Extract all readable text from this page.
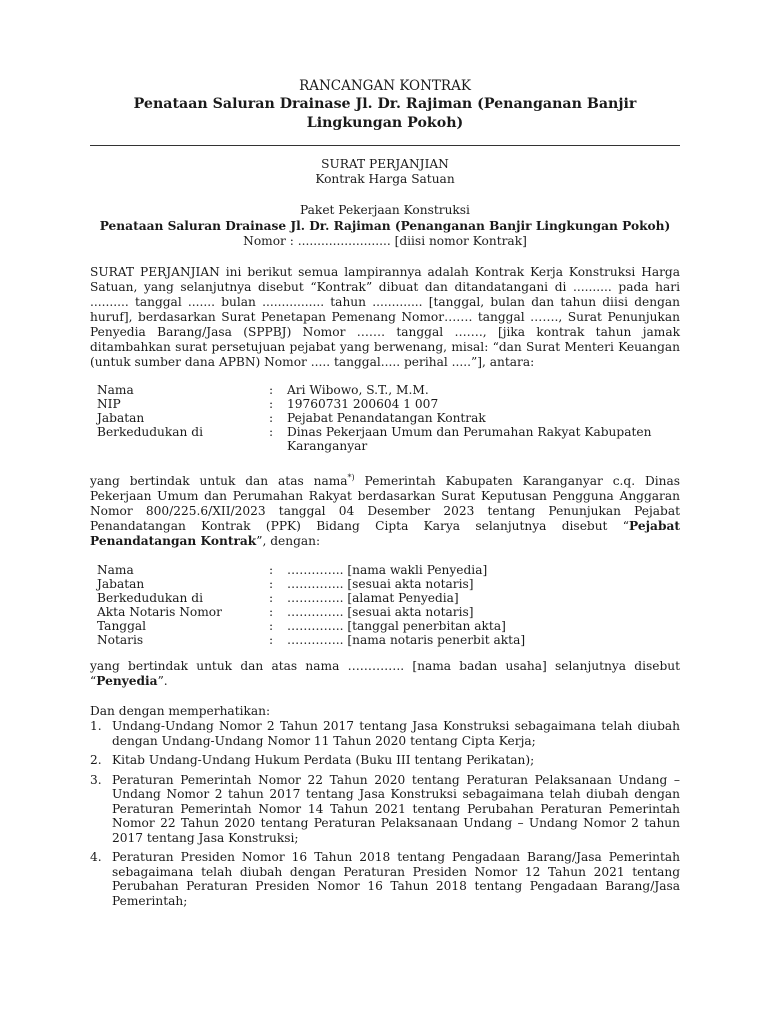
RANCANGAN KONTRAK
Penataan Saluran Drainase Jl. Dr. Rajiman (Penanganan Banjir
Lingkungan Pokoh)
SURAT PERJANJIAN
Kontrak Harga Satuan
Paket Pekerjaan Konstruksi
Penataan Saluran Drainase Jl. Dr. Rajiman (Penanganan Banjir Lingkungan Pokoh)
Nomor : ........................ [diisi nomor Kontrak]

SURAT PERJANJIAN ini berikut semua lampirannya adalah Kontrak Kerja Konstruksi Harga Satuan, yang selanjutnya disebut “Kontrak” dibuat dan ditandatangani di .......... pada hari .......... tanggal ....... bulan ................ tahun ............. [tanggal, bulan dan tahun diisi dengan huruf], berdasarkan Surat Penetapan Pemenang Nomor……. tanggal ……., Surat Penunjukan Penyedia Barang/Jasa (SPPBJ) Nomor ……. tanggal ……., [jika kontrak tahun jamak ditambahkan surat persetujuan pejabat yang berwenang, misal: “dan Surat Menteri Keuangan (untuk sumber dana APBN) Nomor ..... tanggal..... perihal .....”], antara:

Nama	:	Ari Wibowo, S.T., M.M.
NIP	:	19760731 200604 1 007
Jabatan	:	Pejabat Penandatangan Kontrak
Berkedudukan di	:	Dinas Pekerjaan Umum dan Perumahan Rakyat Kabupaten Karanganyar

yang bertindak untuk dan atas nama*) Pemerintah Kabupaten Karanganyar c.q. Dinas Pekerjaan Umum dan Perumahan Rakyat berdasarkan Surat Keputusan Pengguna Anggaran Nomor 800/225.6/XII/2023 tanggal 04 Desember 2023 tentang Penunjukan Pejabat Penandatangan Kontrak (PPK) Bidang Cipta Karya selanjutnya disebut “Pejabat Penandatangan Kontrak”, dengan:

Nama	:	………….. [nama wakli Penyedia]
Jabatan	:	………….. [sesuai akta notaris]
Berkedudukan di	:	………….. [alamat Penyedia]
Akta Notaris Nomor	:	………….. [sesuai akta notaris]
Tanggal	:	………….. [tanggal penerbitan akta]
Notaris	:	………….. [nama notaris penerbit akta]

yang bertindak untuk dan atas nama ………….. [nama badan usaha] selanjutnya disebut “Penyedia”.

Dan dengan memperhatikan:
1. Undang-Undang Nomor 2 Tahun 2017 tentang Jasa Konstruksi sebagaimana telah diubah dengan Undang-Undang Nomor 11 Tahun 2020 tentang Cipta Kerja;
2. Kitab Undang-Undang Hukum Perdata (Buku III tentang Perikatan);
3. Peraturan Pemerintah Nomor 22 Tahun 2020 tentang Peraturan Pelaksanaan Undang – Undang Nomor 2 tahun 2017 tentang Jasa Konstruksi sebagaimana telah diubah dengan Peraturan Pemerintah Nomor 14 Tahun 2021 tentang Perubahan Peraturan Pemerintah Nomor 22 Tahun 2020 tentang Peraturan Pelaksanaan Undang – Undang Nomor 2 tahun 2017 tentang Jasa Konstruksi;
4. Peraturan Presiden Nomor 16 Tahun 2018 tentang Pengadaan Barang/Jasa Pemerintah sebagaimana telah diubah dengan Peraturan Presiden Nomor 12 Tahun 2021 tentang Perubahan Peraturan Presiden Nomor 16 Tahun 2018 tentang Pengadaan Barang/Jasa Pemerintah;
